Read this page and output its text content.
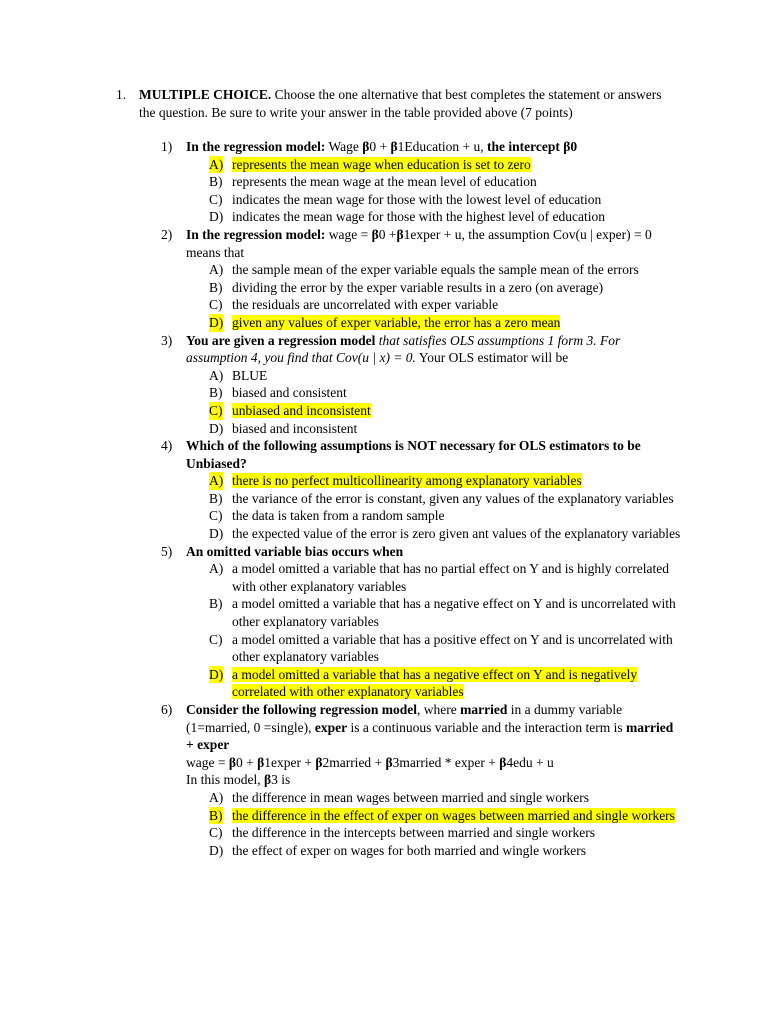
1. MULTIPLE CHOICE. Choose the one alternative that best completes the statement or answers the question. Be sure to write your answer in the table provided above (7 points)
1) In the regression model: Wage β0 + β1Education + u, the intercept β0
A) represents the mean wage when education is set to zero
B) represents the mean wage at the mean level of education
C) indicates the mean wage for those with the lowest level of education
D) indicates the mean wage for those with the highest level of education
2) In the regression model: wage = β0 +β1exper + u, the assumption Cov(u | exper) = 0 means that
A) the sample mean of the exper variable equals the sample mean of the errors
B) dividing the error by the exper variable results in a zero (on average)
C) the residuals are uncorrelated with exper variable
D) given any values of exper variable, the error has a zero mean
3) You are given a regression model that satisfies OLS assumptions 1 form 3. For assumption 4, you find that Cov(u | x) = 0. Your OLS estimator will be
A) BLUE
B) biased and consistent
C) unbiased and inconsistent
D) biased and inconsistent
4) Which of the following assumptions is NOT necessary for OLS estimators to be Unbiased?
A) there is no perfect multicollinearity among explanatory variables
B) the variance of the error is constant, given any values of the explanatory variables
C) the data is taken from a random sample
D) the expected value of the error is zero given ant values of the explanatory variables
5) An omitted variable bias occurs when
A) a model omitted a variable that has no partial effect on Y and is highly correlated with other explanatory variables
B) a model omitted a variable that has a negative effect on Y and is uncorrelated with other explanatory variables
C) a model omitted a variable that has a positive effect on Y and is uncorrelated with other explanatory variables
D) a model omitted a variable that has a negative effect on Y and is negatively correlated with other explanatory variables
6) Consider the following regression model, where married in a dummy variable (1=married, 0 =single), exper is a continuous variable and the interaction term is married + exper
wage = β0 + β1exper + β2married + β3married * exper + β4edu + u
In this model, β3 is
A) the difference in mean wages between married and single workers
B) the difference in the effect of exper on wages between married and single workers
C) the difference in the intercepts between married and single workers
D) the effect of exper on wages for both married and wingle workers
